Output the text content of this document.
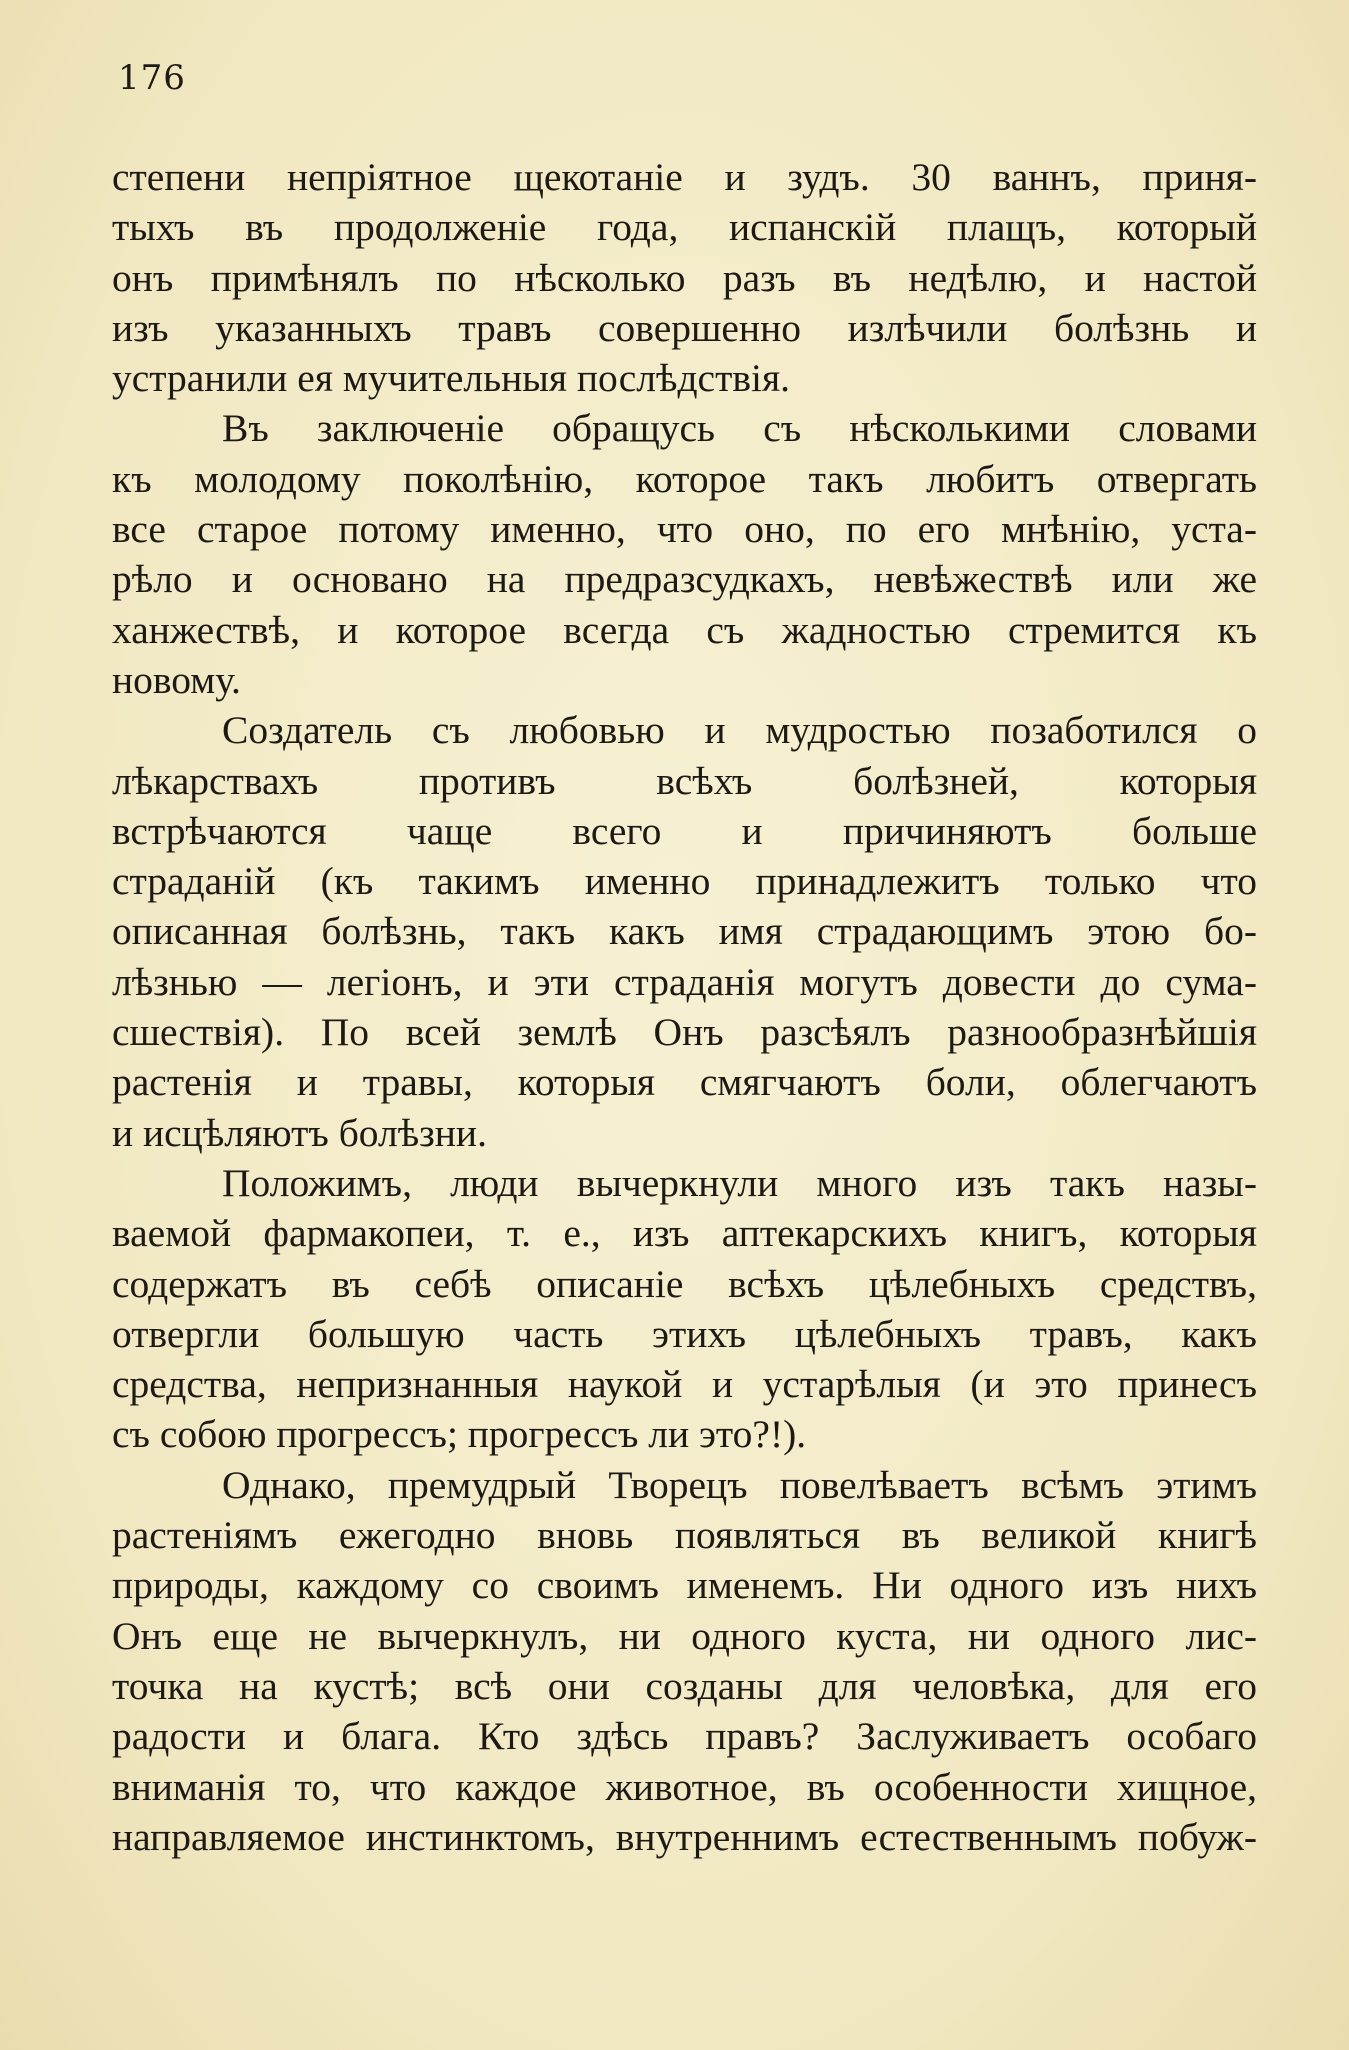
176
степени непріятное щекотаніе и зудъ. 30 ваннъ, приня-
тыхъ въ продолженіе года, испанскій плащъ, который
онъ примѣнялъ по нѣсколько разъ въ недѣлю, и настой
изъ указанныхъ травъ совершенно излѣчили болѣзнь и
устранили ея мучительныя послѣдствія.
Въ заключеніе обращусь съ нѣсколькими словами
къ молодому поколѣнію, которое такъ любитъ отвергать
все старое потому именно, что оно, по его мнѣнію, уста-
рѣло и основано на предразсудкахъ, невѣжествѣ или же
ханжествѣ, и которое всегда съ жадностью стремится къ
новому.
Создатель съ любовью и мудростью позаботился о
лѣкарствахъ противъ всѣхъ болѣзней, которыя
встрѣчаются чаще всего и причиняютъ больше
страданій (къ такимъ именно принадлежитъ только что
описанная болѣзнь, такъ какъ имя страдающимъ этою бо-
лѣзнью — легіонъ, и эти страданія могутъ довести до сума-
сшествія). По всей землѣ Онъ разсѣялъ разнообразнѣйшія
растенія и травы, которыя смягчаютъ боли, облегчаютъ
и исцѣляютъ болѣзни.
Положимъ, люди вычеркнули много изъ такъ назы-
ваемой фармакопеи, т. е., изъ аптекарскихъ книгъ, которыя
содержатъ въ себѣ описаніе всѣхъ цѣлебныхъ средствъ,
отвергли большую часть этихъ цѣлебныхъ травъ, какъ
средства, непризнанныя наукой и устарѣлыя (и это принесъ
съ собою прогрессъ; прогрессъ ли это?!).
Однако, премудрый Творецъ повелѣваетъ всѣмъ этимъ
растеніямъ ежегодно вновь появляться въ великой книгѣ
природы, каждому со своимъ именемъ. Ни одного изъ нихъ
Онъ еще не вычеркнулъ, ни одного куста, ни одного лис-
точка на кустѣ; всѣ они созданы для человѣка, для его
радости и блага. Кто здѣсь правъ? Заслуживаетъ особаго
вниманія то, что каждое животное, въ особенности хищное,
направляемое инстинктомъ, внутреннимъ естественнымъ побуж-
